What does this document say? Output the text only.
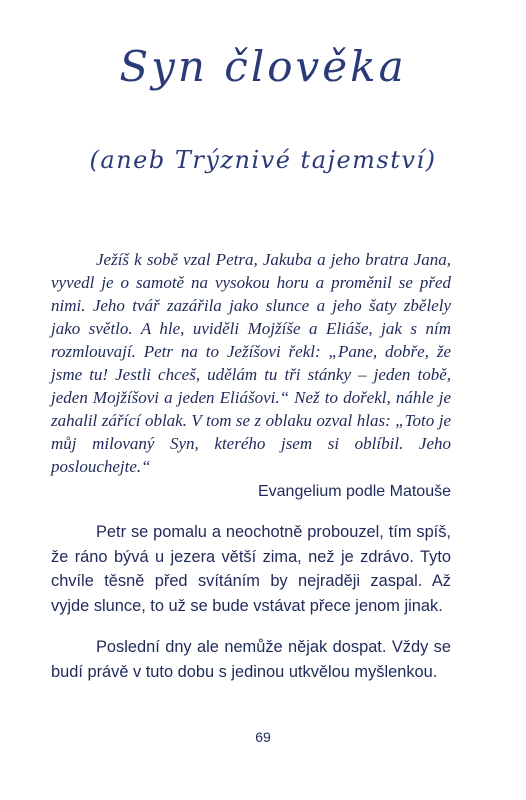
Syn člověka
(aneb Trýznivé tajemství)

Ježíš k sobě vzal Petra, Jakuba a jeho bratra Jana, vyvedl je o samotě na vysokou horu a proměnil se před nimi. Jeho tvář zazářila jako slunce a jeho šaty zbělely jako světlo. A hle, uviděli Mojžíše a Eliáše, jak s ním rozmlouvají. Petr na to Ježíšovi řekl: „Pane, dobře, že jsme tu! Jestli chceš, udělám tu tři stánky – jeden tobě, jeden Mojžíšovi a jeden Eliášovi.“ Než to dořekl, náhle je zahalil zářící oblak. V tom se z oblaku ozval hlas: „Toto je můj milovaný Syn, kterého jsem si oblíbil. Jeho poslouchejte.“

Evangelium podle Matouše

Petr se pomalu a neochotně probouzel, tím spíš, že ráno bývá u jezera větší zima, než je zdrávo. Tyto chvíle těsně před svítáním by nejraději zaspal. Až vyjde slunce, to už se bude vstávat přece jenom jinak.

Poslední dny ale nemůže nějak dospat. Vždy se budí právě v tuto dobu s jedinou utkvělou myšlenkou.

69
